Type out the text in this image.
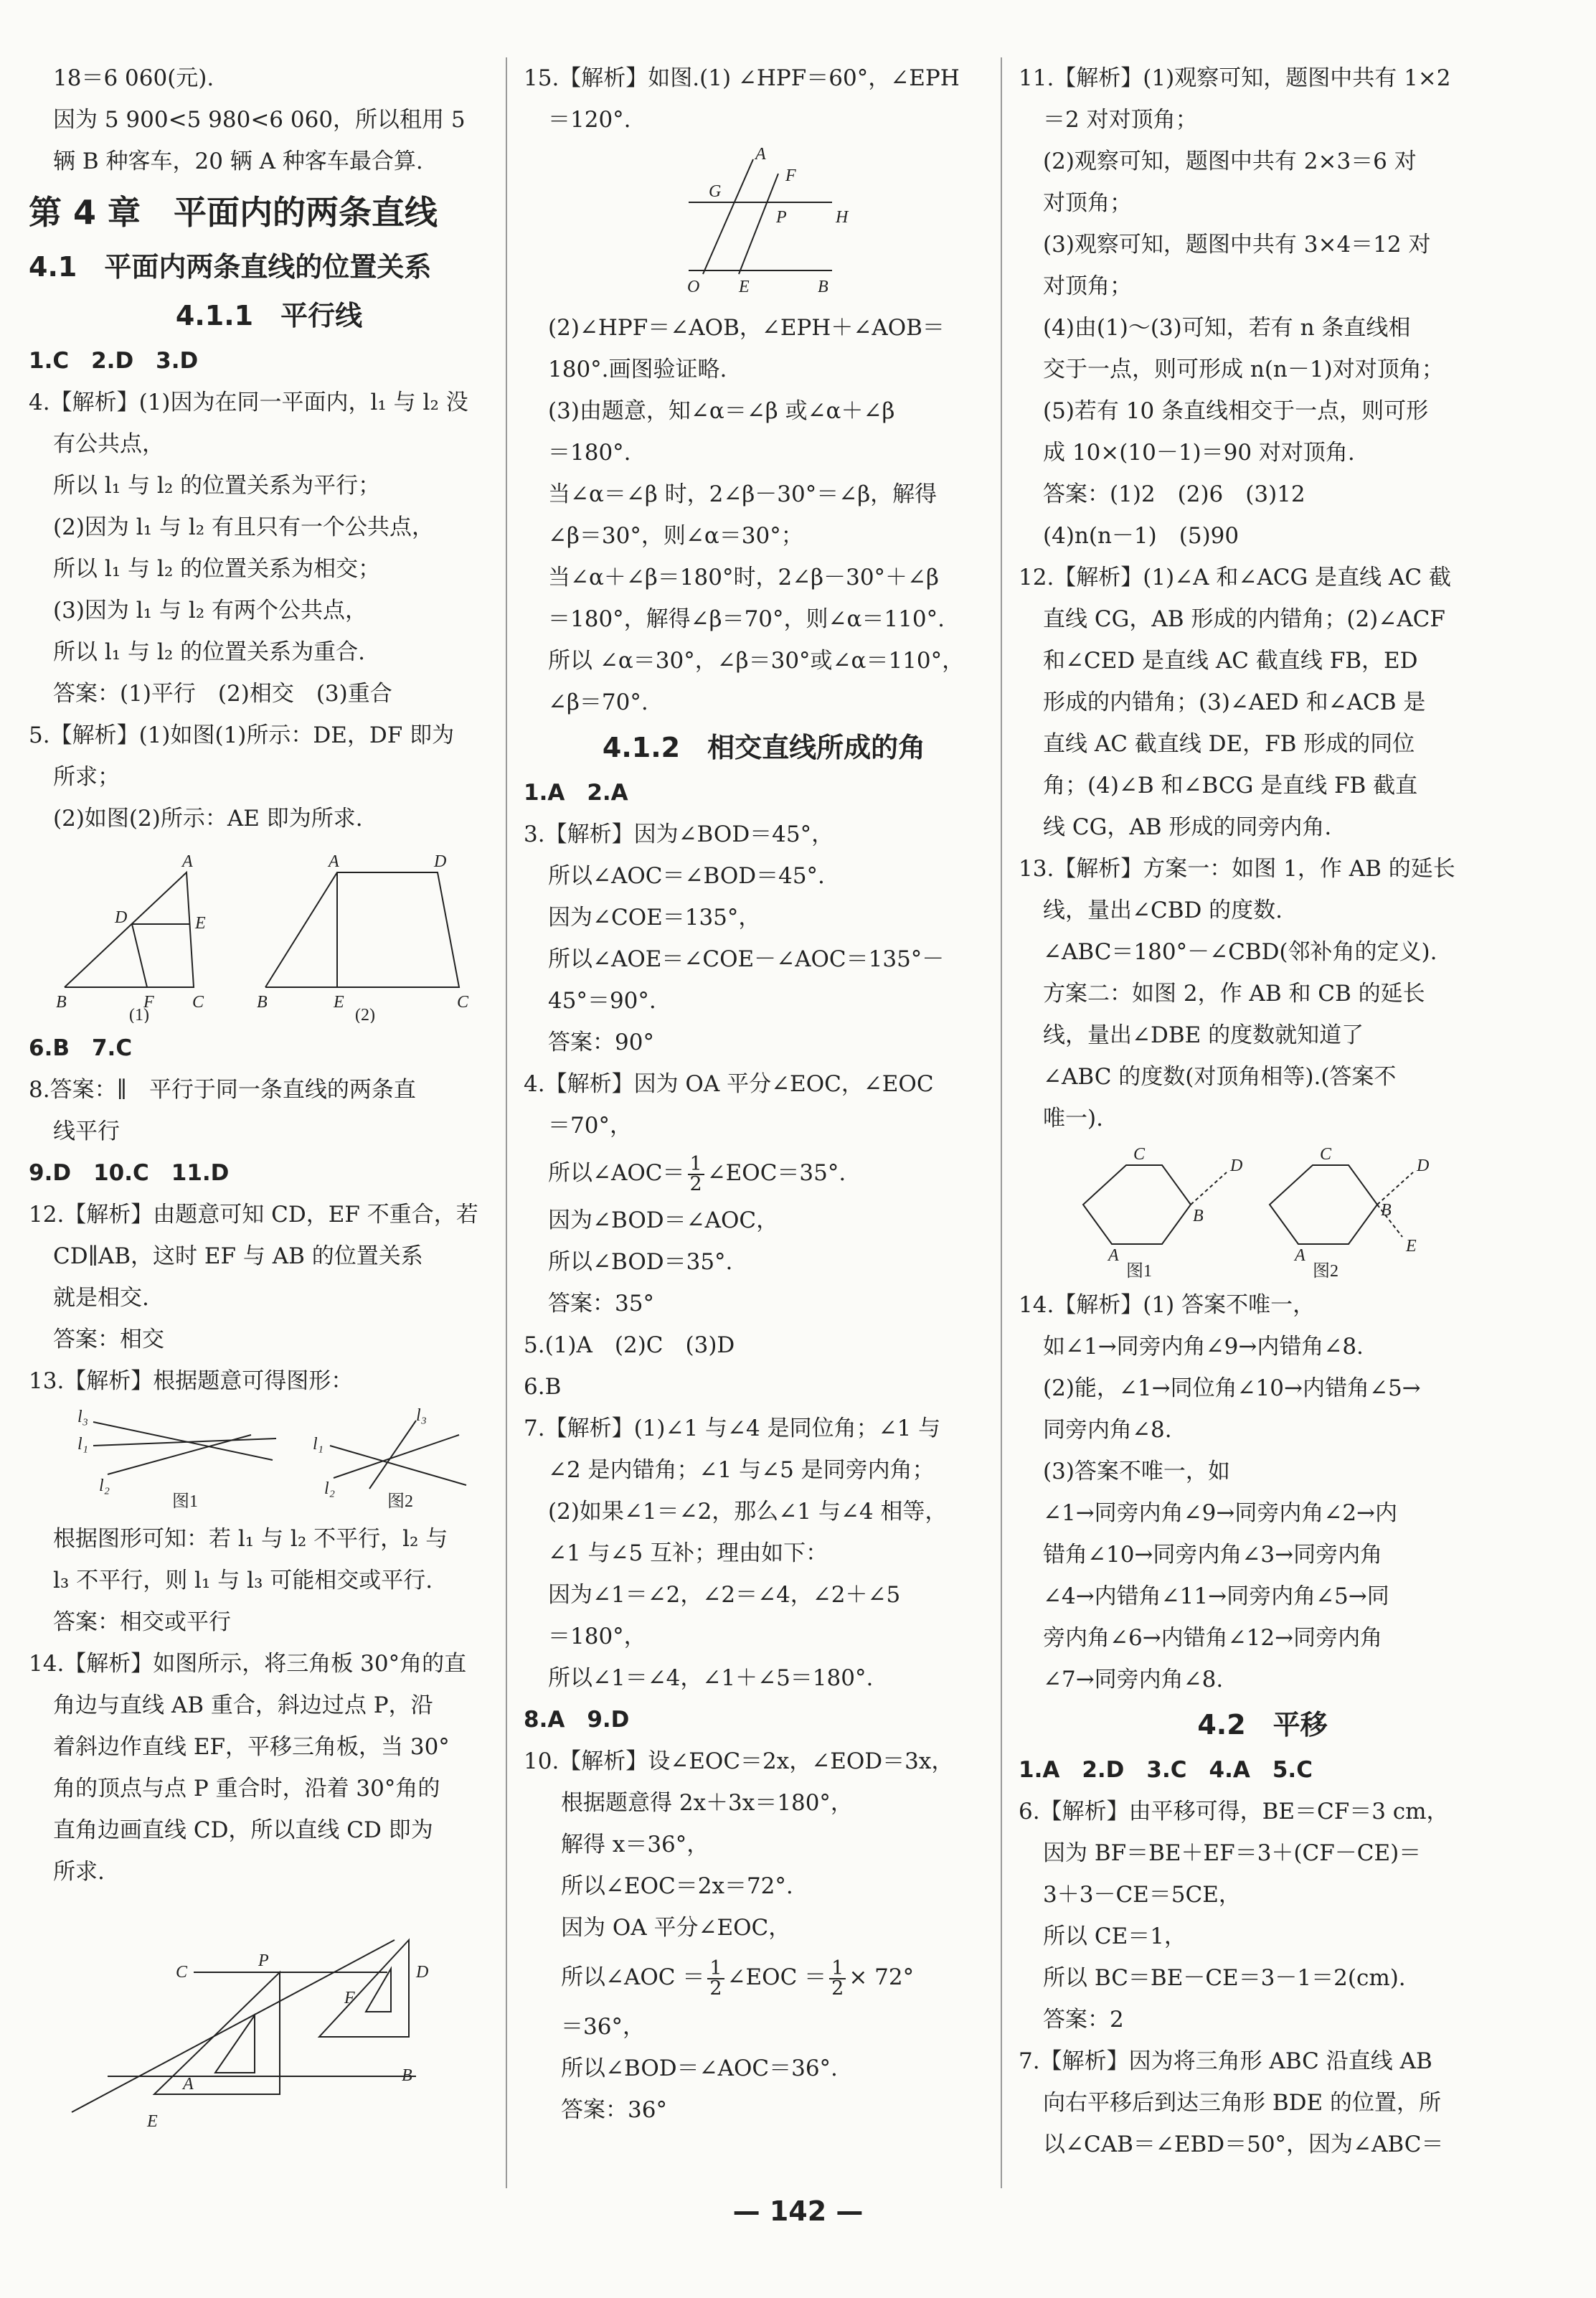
18＝6 060(元).

因为 5 900<5 980<6 060，所以租用 5

辆 B 种客车，20 辆 A 种客车最合算.

第 4 章　平面内的两条直线

4.1　平面内两条直线的位置关系

4.1.1　平行线

1.C　2.D　3.D

4.【解析】(1)因为在同一平面内，l₁ 与 l₂ 没

有公共点，

所以 l₁ 与 l₂ 的位置关系为平行；

(2)因为 l₁ 与 l₂ 有且只有一个公共点，

所以 l₁ 与 l₂ 的位置关系为相交；

(3)因为 l₁ 与 l₂ 有两个公共点，

所以 l₁ 与 l₂ 的位置关系为重合.

答案：(1)平行　(2)相交　(3)重合

5.【解析】(1)如图(1)所示：DE，DF 即为

所求；

(2)如图(2)所示：AE 即为所求.

A
D	E
B	F C
(1)
A	D
B	E	C
(2)

6.B　7.C

8.答案：∥　平行于同一条直线的两条直

线平行

9.D　10.C　11.D

12.【解析】由题意可知 CD，EF 不重合，若

CD∥AB，这时 EF 与 AB 的位置关系

就是相交.

答案：相交

13.【解析】根据题意可得图形：

l₃
l₁
l₂
图1
l₃
l₁
l₂
图2

根据图形可知：若 l₁ 与 l₂ 不平行，l₂ 与

l₃ 不平行，则 l₁ 与 l₃ 可能相交或平行.

答案：相交或平行

14.【解析】如图所示，将三角板 30°角的直

角边与直线 AB 重合，斜边过点 P，沿

着斜边作直线 EF，平移三角板，当 30°

角的顶点与点 P 重合时，沿着 30°角的

直角边画直线 CD，所以直线 CD 即为

所求.

C
P
F
D
A	B
E

15.【解析】如图.(1) ∠HPF＝60°，∠EPH

＝120°.

A
F
G
P	H
O E	B

(2)∠HPF＝∠AOB，∠EPH＋∠AOB＝

180°.画图验证略.

(3)由题意，知∠α＝∠β 或∠α＋∠β

＝180°.

当∠α＝∠β 时，2∠β－30°＝∠β，解得

∠β＝30°，则∠α＝30°；

当∠α＋∠β＝180°时，2∠β－30°＋∠β

＝180°，解得∠β＝70°，则∠α＝110°.

所以 ∠α＝30°，∠β＝30°或∠α＝110°，

∠β＝70°.

4.1.2　相交直线所成的角

1.A　2.A

3.【解析】因为∠BOD＝45°，

所以∠AOC＝∠BOD＝45°.

因为∠COE＝135°，

所以∠AOE＝∠COE－∠AOC＝135°－

45°＝90°.

答案：90°

4.【解析】因为 OA 平分∠EOC，∠EOC

＝70°，

所以∠AOC＝ $\frac{1}{2}$ ∠EOC＝35°.

因为∠BOD＝∠AOC，

所以∠BOD＝35°.

答案：35°

5.(1)A　(2)C　(3)D

6.B

7.【解析】(1)∠1 与∠4 是同位角；∠1 与

∠2 是内错角；∠1 与∠5 是同旁内角；

(2)如果∠1＝∠2，那么∠1 与∠4 相等，

∠1 与∠5 互补；理由如下：

因为∠1＝∠2，∠2＝∠4，∠2＋∠5

＝180°，

所以∠1＝∠4，∠1＋∠5＝180°.

8.A　9.D

10.【解析】设∠EOC＝2x，∠EOD＝3x，

根据题意得 2x＋3x＝180°，

解得 x＝36°，

所以∠EOC＝2x＝72°.

因为 OA 平分∠EOC，

所以∠AOC ＝ $\frac{1}{2}$ ∠EOC ＝ $\frac{1}{2} \times 72^\circ$

＝36°，

所以∠BOD＝∠AOC＝36°.

答案：36°

11.【解析】(1)观察可知，题图中共有 1×2

＝2 对对顶角；

(2)观察可知，题图中共有 2×3＝6 对

对顶角；

(3)观察可知，题图中共有 3×4＝12 对

对顶角；

(4)由(1)～(3)可知，若有 n 条直线相

交于一点，则可形成 n(n－1)对对顶角；

(5)若有 10 条直线相交于一点，则可形

成 10×(10－1)＝90 对对顶角.

答案：(1)2　(2)6　(3)12

(4)n(n－1)　(5)90

12.【解析】(1)∠A 和∠ACG 是直线 AC 截

直线 CG，AB 形成的内错角；(2)∠ACF

和∠CED 是直线 AC 截直线 FB，ED

形成的内错角；(3)∠AED 和∠ACB 是

直线 AC 截直线 DE，FB 形成的同位

角；(4)∠B 和∠BCG 是直线 FB 截直

线 CG，AB 形成的同旁内角.

13.【解析】方案一：如图 1，作 AB 的延长

线，量出∠CBD 的度数.

∠ABC＝180°－∠CBD(邻补角的定义).

方案二：如图 2，作 AB 和 CB 的延长

线，量出∠DBE 的度数就知道了

∠ABC 的度数(对顶角相等).(答案不

唯一).

C
D
B
A
图1
C
D
B
A	E
图2

14.【解析】(1) 答案不唯一，

如∠1→同旁内角∠9→内错角∠8.

(2)能，∠1→同位角∠10→内错角∠5→

同旁内角∠8.

(3)答案不唯一，如

∠1→同旁内角∠9→同旁内角∠2→内

错角∠10→同旁内角∠3→同旁内角

∠4→内错角∠11→同旁内角∠5→同

旁内角∠6→内错角∠12→同旁内角

∠7→同旁内角∠8.

4.2　平移

1.A　2.D　3.C　4.A　5.C

6.【解析】由平移可得，BE＝CF＝3 cm，

因为 BF＝BE＋EF＝3＋(CF－CE)＝

3＋3－CE＝5CE，

所以 CE＝1，

所以 BC＝BE－CE＝3－1＝2(cm).

答案：2

7.【解析】因为将三角形 ABC 沿直线 AB

向右平移后到达三角形 BDE 的位置，所

以∠CAB＝∠EBD＝50°，因为∠ABC＝

— 142 —
